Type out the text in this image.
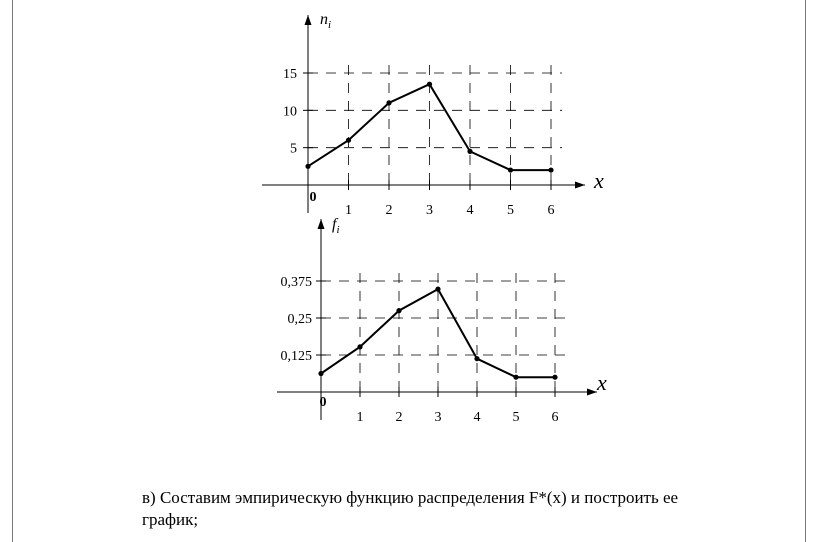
1 2 3 4 5 6
5
10
15
0
x
$n_i$
1 2 3 4 5 6
0,125
0,25
0,375
0
x
$f_i$
в) Составим эмпирическую функцию распределения F*(x) и построить ее график;
